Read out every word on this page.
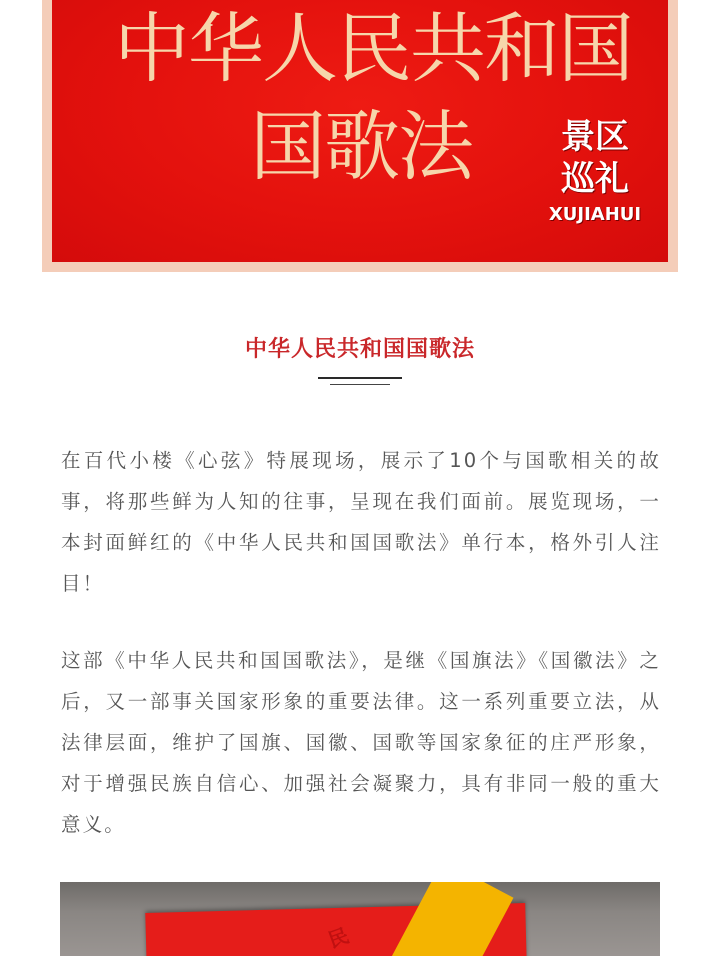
中华人民共和国
国歌法	景区
巡礼
XUJIAHUI
中华人民共和国国歌法

在百代小楼《心弦》特展现场，展示了10个与国歌相关的故事，将那些鲜为人知的往事，呈现在我们面前。展览现场，一本封面鲜红的《中华人民共和国国歌法》单行本，格外引人注目！

这部《中华人民共和国国歌法》，是继《国旗法》《国徽法》之后，又一部事关国家形象的重要法律。这一系列重要立法，从法律层面，维护了国旗、国徽、国歌等国家象征的庄严形象，对于增强民族自信心、加强社会凝聚力，具有非同一般的重大意义。

民
